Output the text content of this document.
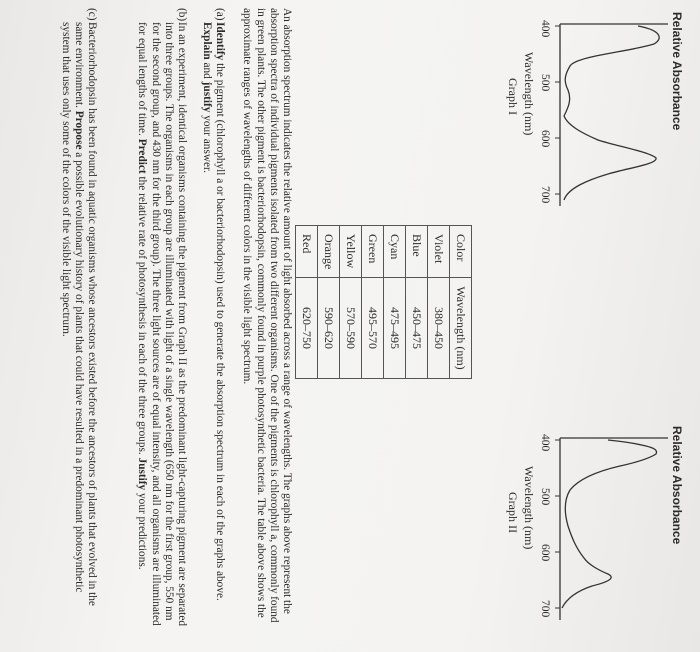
Relative Absorbance
400
500
600
700
Wavelength (nm)
Graph I
Relative Absorbance
400
500
600
700
Wavelength (nm)
Graph II
Color	Wavelength (nm)
Violet	380–450
Blue	450–475
Cyan	475–495
Green	495–570
Yellow	570–590
Orange	590–620
Red	620–750
An absorption spectrum indicates the relative amount of light absorbed across a range of wavelengths. The graphs above represent the absorption spectra of individual pigments isolated from two different organisms. One of the pigments is chlorophyll a, commonly found in green plants. The other pigment is bacteriorhodopsin, commonly found in purple photosynthetic bacteria. The table above shows the approximate ranges of wavelengths of different colors in the visible light spectrum.
(a)
Identify the pigment (chlorophyll a or bacteriorhodopsin) used to generate the absorption spectrum in each of the graphs above. Explain and justify your answer.
(b)
In an experiment, identical organisms containing the pigment from Graph II as the predominant light-capturing pigment are separated into three groups. The organisms in each group are illuminated with light of a single wavelength (650 nm for the first group, 550 nm for the second group, and 430 nm for the third group). The three light sources are of equal intensity, and all organisms are illuminated for equal lengths of time. Predict the relative rate of photosynthesis in each of the three groups. Justify your predictions.
(c)
Bacteriorhodopsin has been found in aquatic organisms whose ancestors existed before the ancestors of plants that evolved in the same environment. Propose a possible evolutionary history of plants that could have resulted in a predominant photosynthetic system that uses only some of the colors of the visible light spectrum.
